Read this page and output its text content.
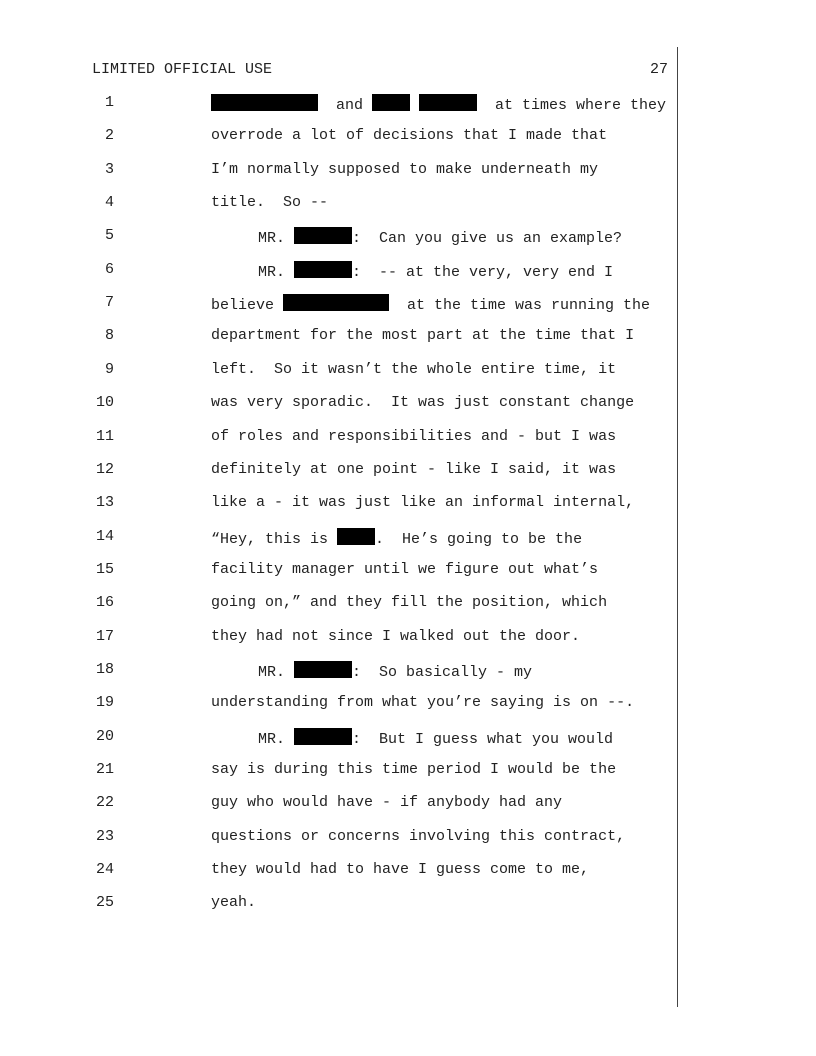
LIMITED OFFICIAL USE	27
1	and	at times where they
2	overrode a lot of decisions that I made that
3	I’m normally supposed to make underneath my
4	title.  So --
5	MR.	:  Can you give us an example?
6	MR.	:  -- at the very, very end I
7	believe	at the time was running the
8	department for the most part at the time that I
9	left.  So it wasn’t the whole entire time, it
10	was very sporadic.  It was just constant change
11	of roles and responsibilities and - but I was
12	definitely at one point - like I said, it was
13	like a - it was just like an informal internal,
14	“Hey, this is	.  He’s going to be the
15	facility manager until we figure out what’s
16	going on,” and they fill the position, which
17	they had not since I walked out the door.
18	MR.	:  So basically - my
19	understanding from what you’re saying is on --.
20	MR.	:  But I guess what you would
21	say is during this time period I would be the
22	guy who would have - if anybody had any
23	questions or concerns involving this contract,
24	they would had to have I guess come to me,
25	yeah.
